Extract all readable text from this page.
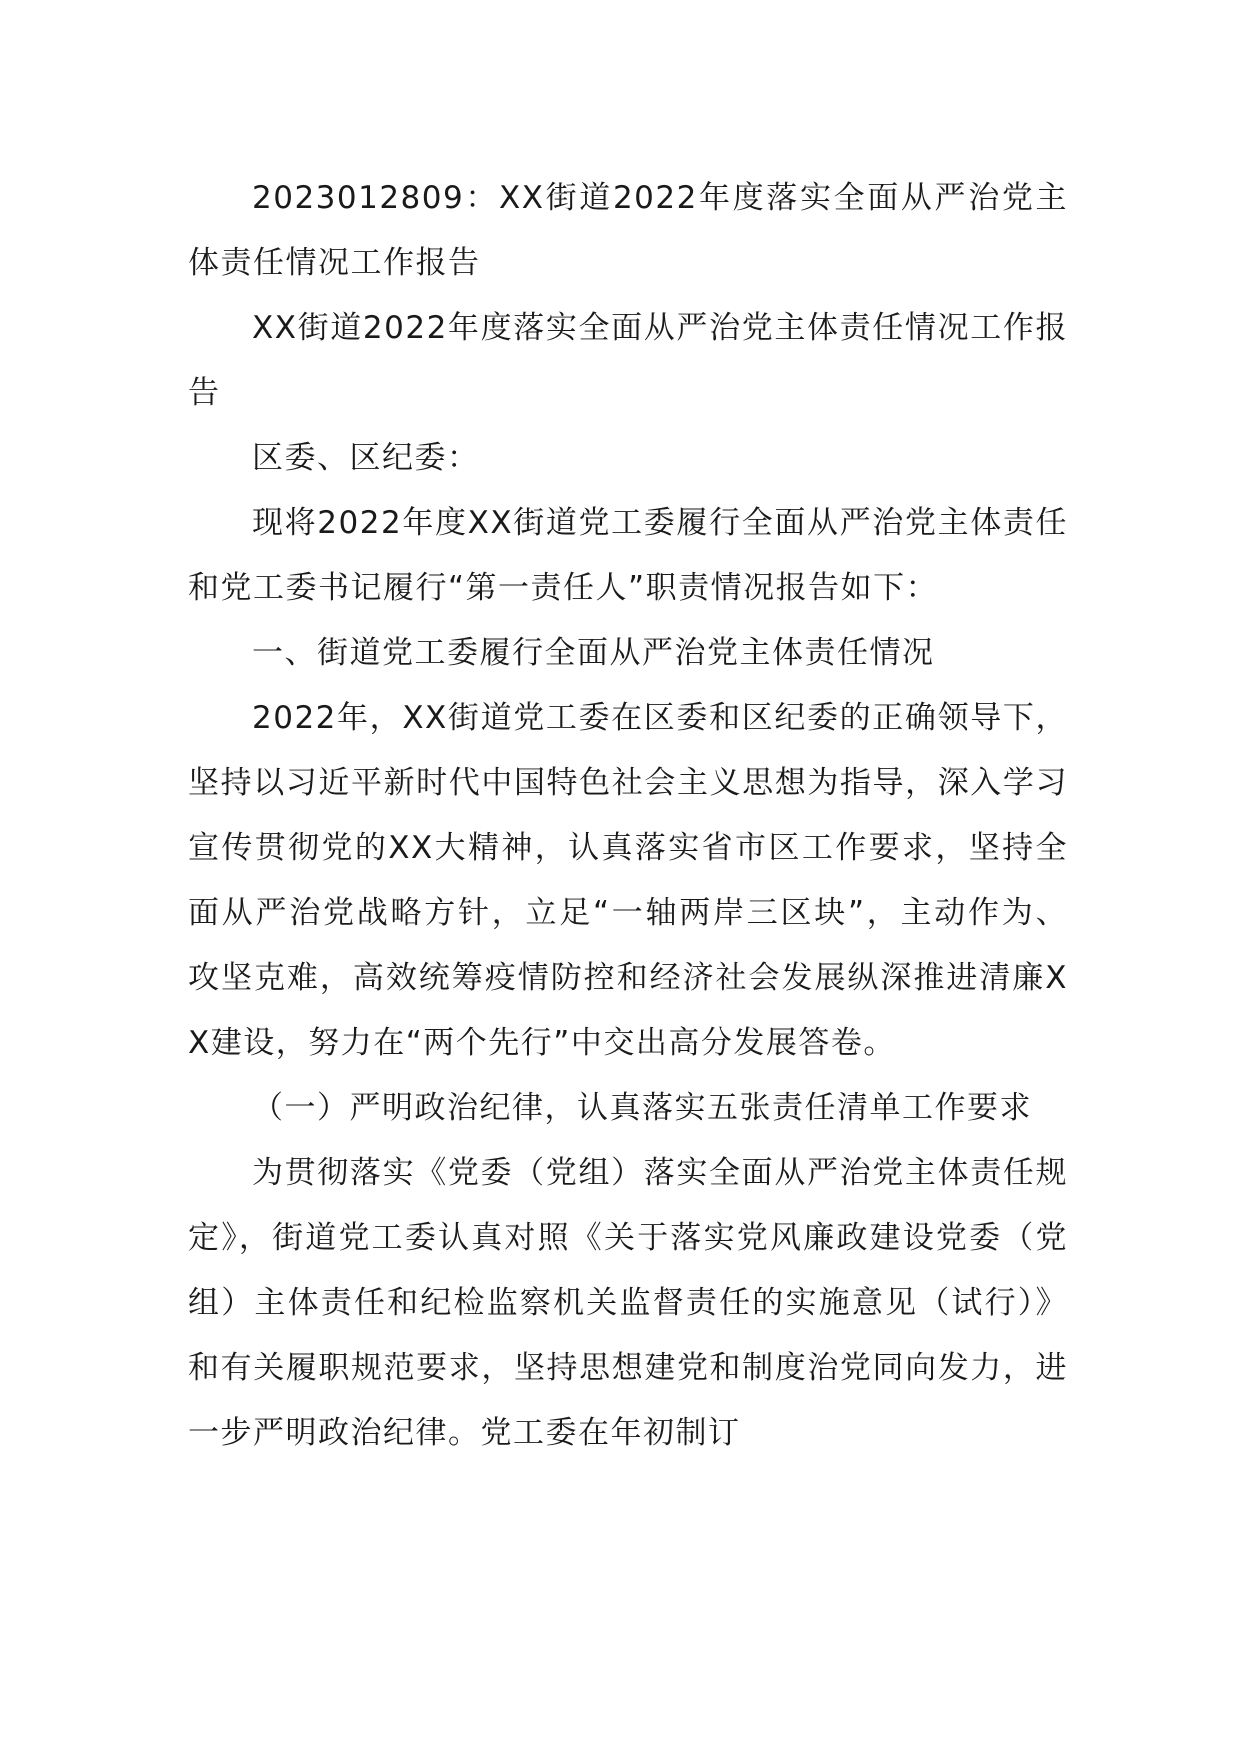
2023012809：XX街道2022年度落实全面从严治党主体责任情况工作报告

XX街道2022年度落实全面从严治党主体责任情况工作报告

区委、区纪委：

现将2022年度XX街道党工委履行全面从严治党主体责任和党工委书记履行“第一责任人”职责情况报告如下：

一、街道党工委履行全面从严治党主体责任情况

2022年，XX街道党工委在区委和区纪委的正确领导下，坚持以习近平新时代中国特色社会主义思想为指导，深入学习宣传贯彻党的XX大精神，认真落实省市区工作要求，坚持全面从严治党战略方针，立足“一轴两岸三区块”，主动作为、攻坚克难，高效统筹疫情防控和经济社会发展纵深推进清廉XX建设，努力在“两个先行”中交出高分发展答卷。

（一）严明政治纪律，认真落实五张责任清单工作要求

为贯彻落实《党委（党组）落实全面从严治党主体责任规定》，街道党工委认真对照《关于落实党风廉政建设党委（党组）主体责任和纪检监察机关监督责任的实施意见（试行）》和有关履职规范要求，坚持思想建党和制度治党同向发力，进一步严明政治纪律。党工委在年初制订
